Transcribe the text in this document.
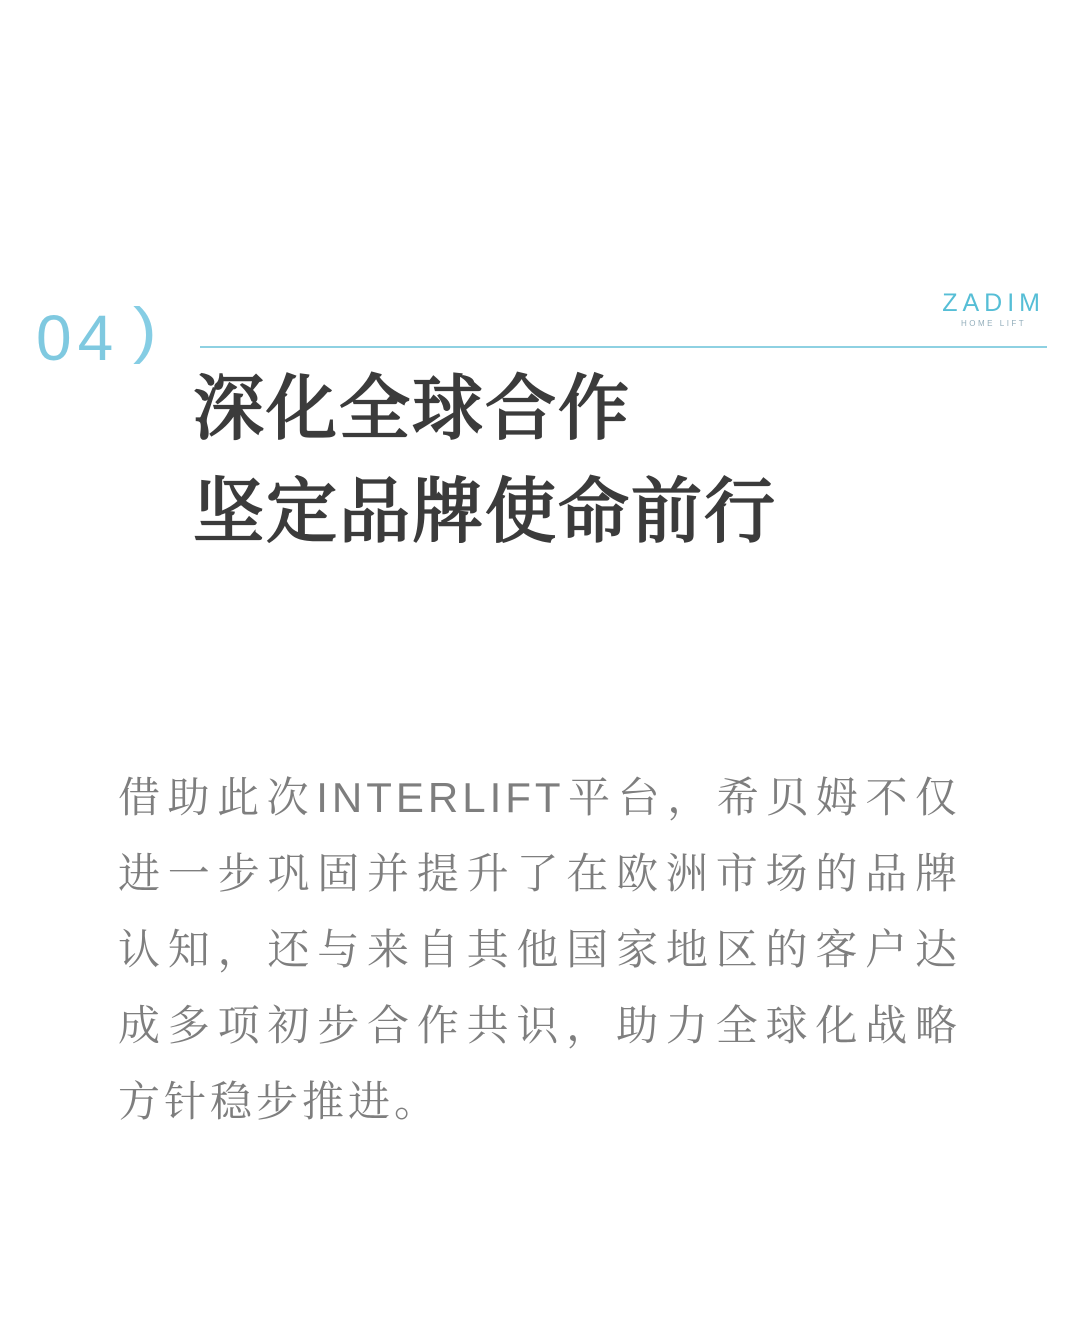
04 )	ZADIM
HOME LIFT
深化全球合作
坚定品牌使命前行
借助此次INTERLIFT平台，希贝姆不仅
进一步巩固并提升了在欧洲市场的品牌
认知，还与来自其他国家地区的客户达
成多项初步合作共识，助力全球化战略
方针稳步推进。
